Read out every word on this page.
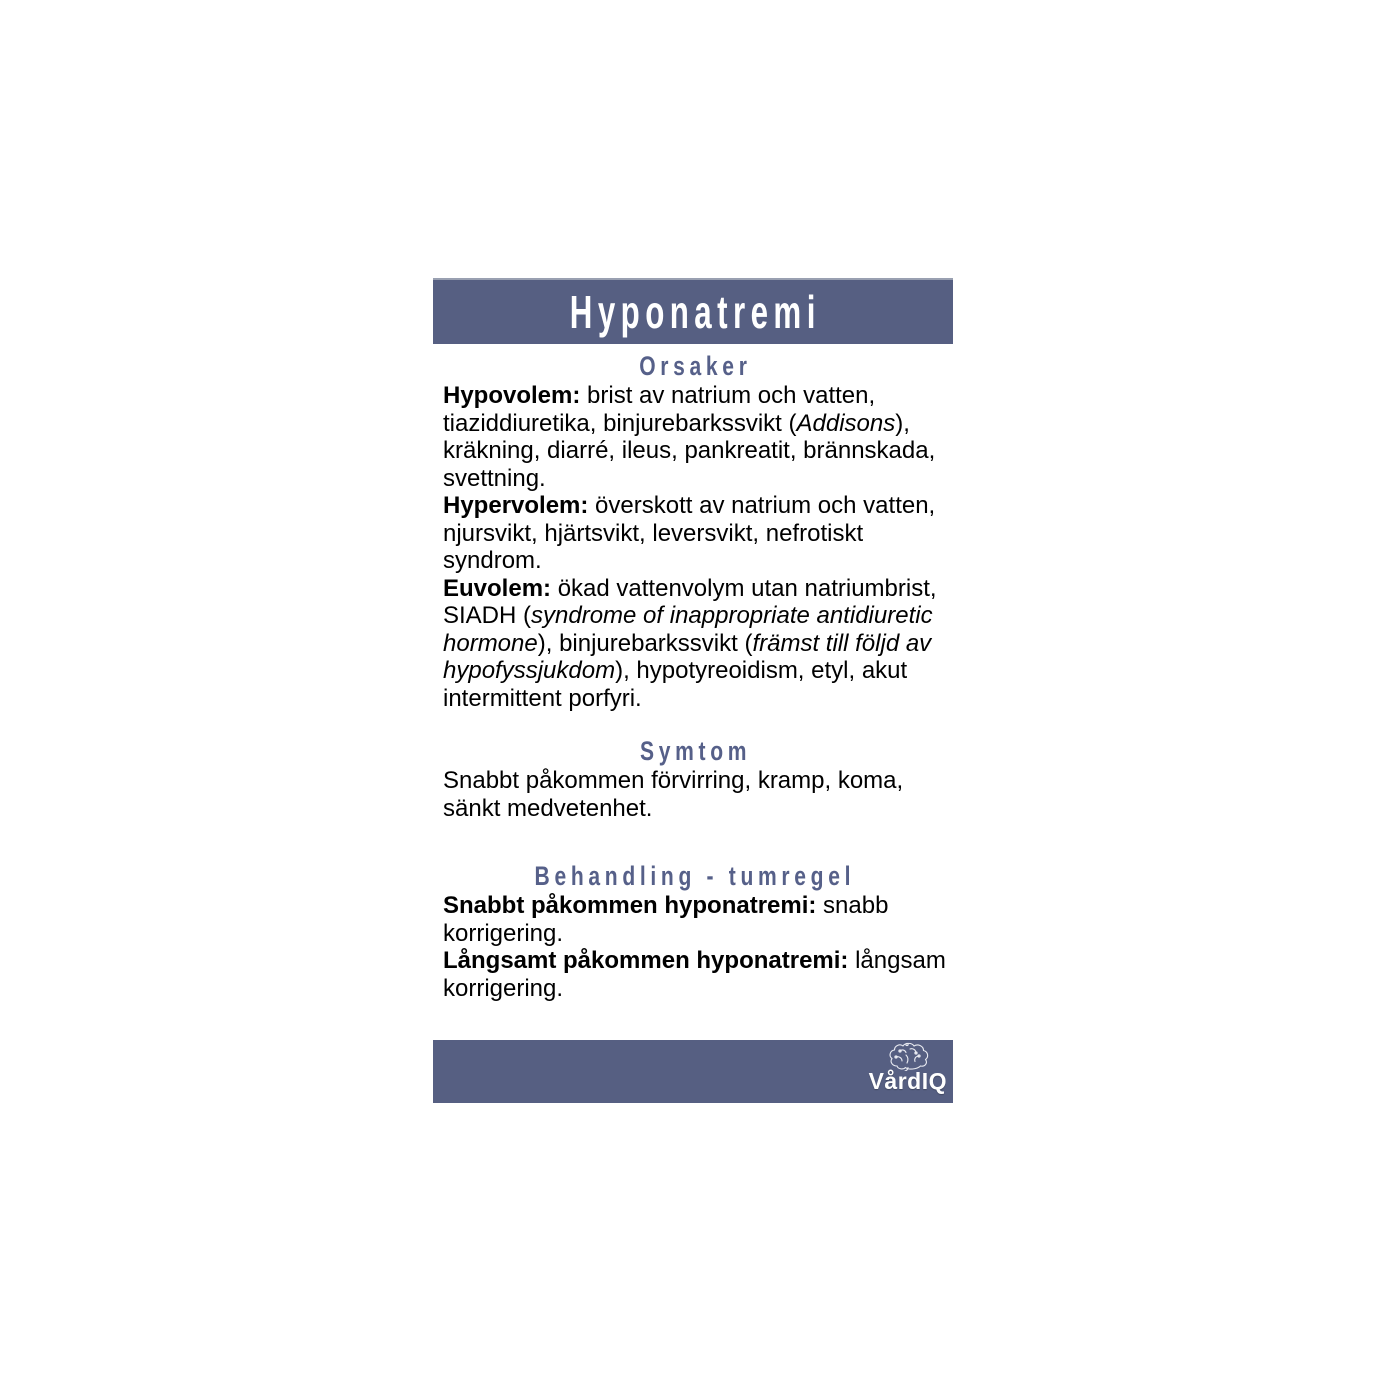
Hyponatremi
Orsaker

Hypovolem: brist av natrium och vatten, tiaziddiuretika, binjurebarkssvikt (Addisons), kräkning, diarré, ileus, pankreatit, brännskada, svettning.

Hypervolem: överskott av natrium och vatten, njursvikt, hjärtsvikt, leversvikt, nefrotiskt syndrom.

Euvolem: ökad vattenvolym utan natriumbrist, SIADH (syndrome of inappropriate antidiuretic hormone), binjurebarkssvikt (främst till följd av hypofyssjukdom), hypotyreoidism, etyl, akut intermittent porfyri.

Symtom

Snabbt påkommen förvirring, kramp, koma, sänkt medvetenhet.

Behandling - tumregel

Snabbt påkommen hyponatremi: snabb korrigering.

Långsamt påkommen hyponatremi: långsam korrigering.

VårdIQ
